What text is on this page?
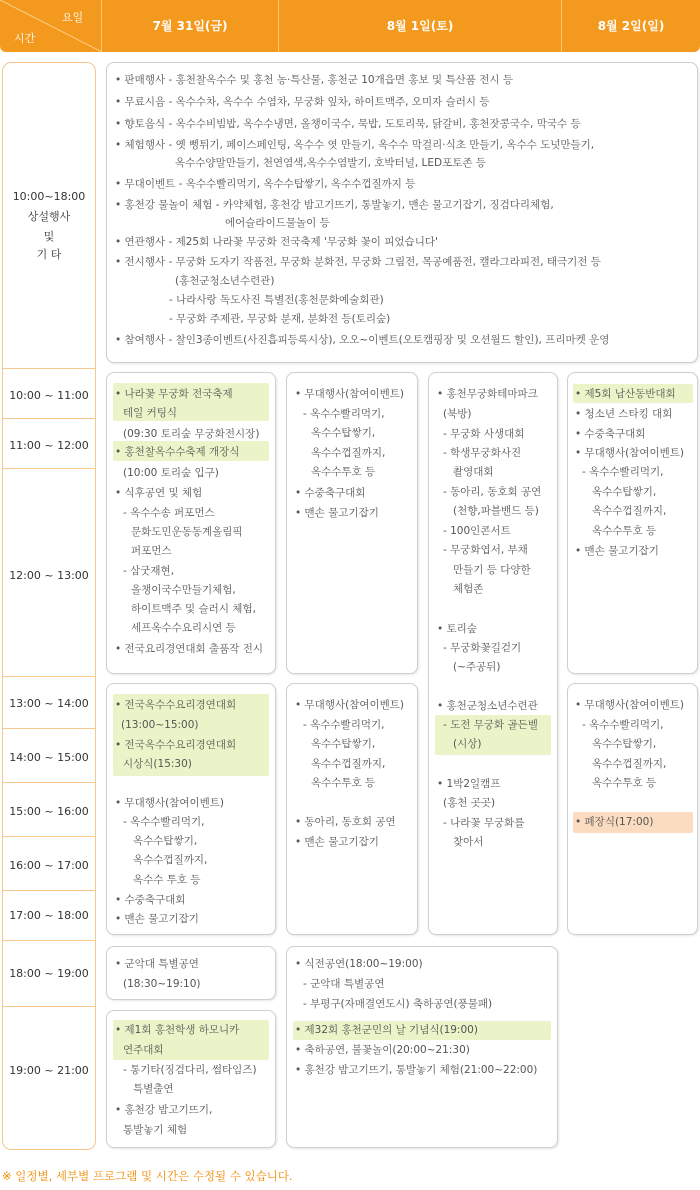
요일
시간
7월 31일(금)	8월 1일(토)	8월 2일(일)
10:00~18:00
상설행사
및
기 타
10:00 ~ 11:00
11:00 ~ 12:00
12:00 ~ 13:00
13:00 ~ 14:00
14:00 ~ 15:00
15:00 ~ 16:00
16:00 ~ 17:00
17:00 ~ 18:00
18:00 ~ 19:00
19:00 ~ 21:00
• 판매행사 - 홍천찰옥수수 및 홍천 농·특산물, 홍천군 10개읍면 홍보 및 특산품 전시 등
• 무료시음 - 옥수수차, 옥수수 수염차, 무궁화 잎차, 하이트맥주, 오미자 슬러시 등
• 향토음식 - 옥수수비빔밥, 옥수수냉면, 올챙이국수, 묵밥, 도토리묵, 닭갈비, 홍천잣콩국수, 막국수 등
• 체험행사 - 옛 뻥튀기, 페이스페인팅, 옥수수 엿 만들기, 옥수수 막걸리·식초 만들기, 옥수수 도넛만들기,
옥수수양말만들기, 천연염색,옥수수염발기, 호박터널, LED포토존 등
• 무대이벤트 - 옥수수빨리먹기, 옥수수탑쌓기, 옥수수껍질까지 등
• 홍천강 물놀이 체험 - 카약체험, 홍천강 밤고기뜨기, 통발놓기, 맨손 물고기잡기, 징검다리체험,
에어슬라이드물놀이 등
• 연관행사 - 제25회 나라꽃 무궁화 전국축제 '무궁화 꽃이 피었습니다'
• 전시행사 - 무궁화 도자기 작품전, 무궁화 분화전, 무궁화 그림전, 목공예품전, 캘라그라피전, 태극기전 등
(홍천군청소년수련관)
- 나라사랑 독도사진 특별전(홍천문화예술회관)
- 무궁화 주제관, 무궁화 분재, 분화전 등(토리숲)
• 참여행사 - 찰인3종이벤트(사진흡피등록시상), 오오~이벤트(오토캠핑장 및 오션월드 할인), 프리마켓 운영
• 나라꽃 무궁화 전국축제
테일 커팅식
(09:30 토리숲 무궁화전시장)
• 홍천찰옥수수축제 개장식
(10:00 토리숲 입구)
• 식후공연 및 체험
- 옥수수송 퍼포먼스
문화도민운동동계올림픽
퍼포먼스
- 삼굿재현,
올챙이국수만들기체험,
하이트맥주 및 슬러시 체험,
세프옥수수요리시연 등
• 전국요리경연대회 출품작 전시
• 전국옥수수요리경연대회
(13:00~15:00)
• 전국옥수수요리경연대회
시상식(15:30)
• 무대행사(참여이벤트)
- 옥수수빨리먹기,
옥수수탑쌓기,
옥수수껍질까지,
옥수수 투호 등
• 수중축구대회
• 맨손 물고기잡기
• 군악대 특별공연
(18:30~19:10)
• 제1회 홍천학생 하모니카
연주대회
- 통기타(징검다리, 썸타임즈)
특별출연
• 홍천강 밤고기뜨기,
통발놓기 체험
• 무대행사(참여이벤트)
- 옥수수빨리먹기,
옥수수탑쌓기,
옥수수껍질까지,
옥수수투호 등
• 수중축구대회
• 맨손 물고기잡기
• 무대행사(참여이벤트)
- 옥수수빨리먹기,
옥수수탑쌓기,
옥수수껍질까지,
옥수수투호 등
• 동아리, 동호회 공연
• 맨손 물고기잡기
• 홍천무궁화테마파크
(북방)
- 무궁화 사생대회
- 학생무궁화사진
촬영대회
- 동아리, 동호회 공연
(천향,파블밴드 등)
- 100인콘서트
- 무궁화엽서, 부채
만들기 등 다양한
체험존
• 토리숲
- 무궁화꽃길걷기
(~주공뒤)
• 홍천군청소년수련관
- 도전 무궁화 골든벨
(시상)
• 1박2일캠프
(홍천 곳곳)
- 나라꽃 무궁화를
찾아서
• 식전공연(18:00~19:00)
- 군악대 특별공연
- 부평구(자매결연도시) 축하공연(풍물패)
• 제32회 홍천군민의 날 기념식(19:00)
• 축하공연, 불꽃놀이(20:00~21:30)
• 홍천강 밤고기뜨기, 통발놓기 체험(21:00~22:00)
• 제5회 남산동반대회
• 청소년 스타킹 대회
• 수중축구대회
• 무대행사(참여이벤트)
- 옥수수빨리먹기,
옥수수탑쌓기,
옥수수껍질까지,
옥수수투호 등
• 맨손 물고기잡기
• 무대행사(참여이벤트)
- 옥수수빨리먹기,
옥수수탑쌓기,
옥수수껍질까지,
옥수수투호 등
• 폐장식(17:00)
※ 일정별, 세부별 프로그램 및 시간은 수정될 수 있습니다.
